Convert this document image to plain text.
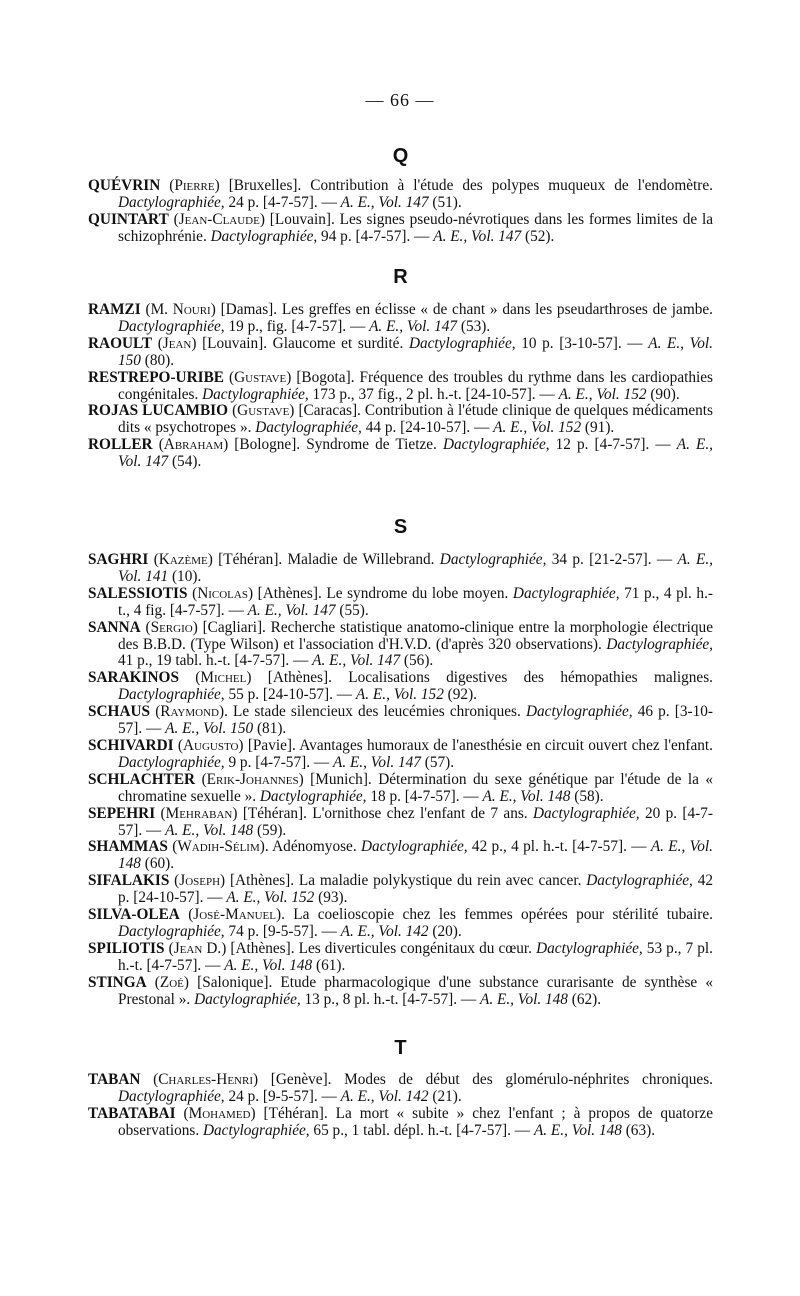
— 66 —
Q
QUÉVRIN (Pierre) [Bruxelles]. Contribution à l'étude des polypes muqueux de l'endomètre. Dactylographiée, 24 p. [4-7-57]. — A. E., Vol. 147 (51).
QUINTART (Jean-Claude) [Louvain]. Les signes pseudo-névrotiques dans les formes limites de la schizophrénie. Dactylographiée, 94 p. [4-7-57]. — A. E., Vol. 147 (52).
R
RAMZI (M. Nouri) [Damas]. Les greffes en éclisse « de chant » dans les pseudarthroses de jambe. Dactylographiée, 19 p., fig. [4-7-57]. — A. E., Vol. 147 (53).
RAOULT (Jean) [Louvain]. Glaucome et surdité. Dactylographiée, 10 p. [3-10-57]. — A. E., Vol. 150 (80).
RESTREPO-URIBE (Gustave) [Bogota]. Fréquence des troubles du rythme dans les cardiopathies congénitales. Dactylographiée, 173 p., 37 fig., 2 pl. h.-t. [24-10-57]. — A. E., Vol. 152 (90).
ROJAS LUCAMBIO (Gustave) [Caracas]. Contribution à l'étude clinique de quelques médicaments dits « psychotropes ». Dactylographiée, 44 p. [24-10-57]. — A. E., Vol. 152 (91).
ROLLER (Abraham) [Bologne]. Syndrome de Tietze. Dactylographiée, 12 p. [4-7-57]. — A. E., Vol. 147 (54).
S
SAGHRI (Kazème) [Téhéran]. Maladie de Willebrand. Dactylographiée, 34 p. [21-2-57]. — A. E., Vol. 141 (10).
SALESSIOTIS (Nicolas) [Athènes]. Le syndrome du lobe moyen. Dactylographiée, 71 p., 4 pl. h.-t., 4 fig. [4-7-57]. — A. E., Vol. 147 (55).
SANNA (Sergio) [Cagliari]. Recherche statistique anatomo-clinique entre la morphologie électrique des B.B.D. (Type Wilson) et l'association d'H.V.D. (d'après 320 observations). Dactylographiée, 41 p., 19 tabl. h.-t. [4-7-57]. — A. E., Vol. 147 (56).
SARAKINOS (Michel) [Athènes]. Localisations digestives des hémopathies malignes. Dactylographiée, 55 p. [24-10-57]. — A. E., Vol. 152 (92).
SCHAUS (Raymond). Le stade silencieux des leucémies chroniques. Dactylographiée, 46 p. [3-10-57]. — A. E., Vol. 150 (81).
SCHIVARDI (Augusto) [Pavie]. Avantages humoraux de l'anesthésie en circuit ouvert chez l'enfant. Dactylographiée, 9 p. [4-7-57]. — A. E., Vol. 147 (57).
SCHLACHTER (Erik-Johannes) [Munich]. Détermination du sexe génétique par l'étude de la « chromatine sexuelle ». Dactylographiée, 18 p. [4-7-57]. — A. E., Vol. 148 (58).
SEPEHRI (Mehraban) [Téhéran]. L'ornithose chez l'enfant de 7 ans. Dactylographiée, 20 p. [4-7-57]. — A. E., Vol. 148 (59).
SHAMMAS (Wadih-Sélim). Adénomyose. Dactylographiée, 42 p., 4 pl. h.-t. [4-7-57]. — A. E., Vol. 148 (60).
SIFALAKIS (Joseph) [Athènes]. La maladie polykystique du rein avec cancer. Dactylographiée, 42 p. [24-10-57]. — A. E., Vol. 152 (93).
SILVA-OLEA (José-Manuel). La coelioscopie chez les femmes opérées pour stérilité tubaire. Dactylographiée, 74 p. [9-5-57]. — A. E., Vol. 142 (20).
SPILIOTIS (Jean D.) [Athènes]. Les diverticules congénitaux du cœur. Dactylographiée, 53 p., 7 pl. h.-t. [4-7-57]. — A. E., Vol. 148 (61).
STINGA (Zoé) [Salonique]. Etude pharmacologique d'une substance curarisante de synthèse « Prestonal ». Dactylographiée, 13 p., 8 pl. h.-t. [4-7-57]. — A. E., Vol. 148 (62).
T
TABAN (Charles-Henri) [Genève]. Modes de début des glomérulo-néphrites chroniques. Dactylographiée, 24 p. [9-5-57]. — A. E., Vol. 142 (21).
TABATABAI (Mohamed) [Téhéran]. La mort « subite » chez l'enfant ; à propos de quatorze observations. Dactylographiée, 65 p., 1 tabl. dépl. h.-t. [4-7-57]. — A. E., Vol. 148 (63).
